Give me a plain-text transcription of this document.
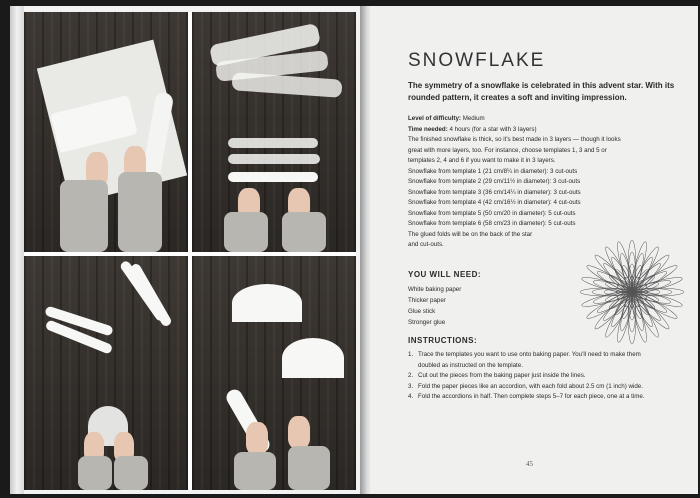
SNOWFLAKE

The symmetry of a snowflake is celebrated in this advent star. With its rounded pattern, it creates a soft and inviting impression.

Level of difficulty: Medium
Time needed: 4 hours (for a star with 3 layers)
The finished snowflake is thick, so it's best made in 3 layers — though it looks
great with more layers, too. For instance, choose templates 1, 3 and 5 or
templates 2, 4 and 6 if you want to make it in 3 layers.
Snowflake from template 1 (21 cm/8¼ in diameter): 3 cut-outs
Snowflake from template 2 (29 cm/11½ in diameter): 3 cut-outs
Snowflake from template 3 (36 cm/14¼ in diameter): 3 cut-outs
Snowflake from template 4 (42 cm/16½ in diameter): 4 cut-outs
Snowflake from template 5 (50 cm/20 in diameter): 5 cut-outs
Snowflake from template 6 (58 cm/23 in diameter): 5 cut-outs
The glued folds will be on the back of the star
and cut-outs.
YOU WILL NEED:
White baking paper
Thicker paper
Glue stick
Stronger glue
INSTRUCTIONS:
1. Trace the templates you want to use onto baking paper. You'll need to make them doubled as instructed on the template.
2. Cut out the pieces from the baking paper just inside the lines.
3. Fold the paper pieces like an accordion, with each fold about 2.5 cm (1 inch) wide.
4. Fold the accordions in half. Then complete steps 5–7 for each piece, one at a time.
45
